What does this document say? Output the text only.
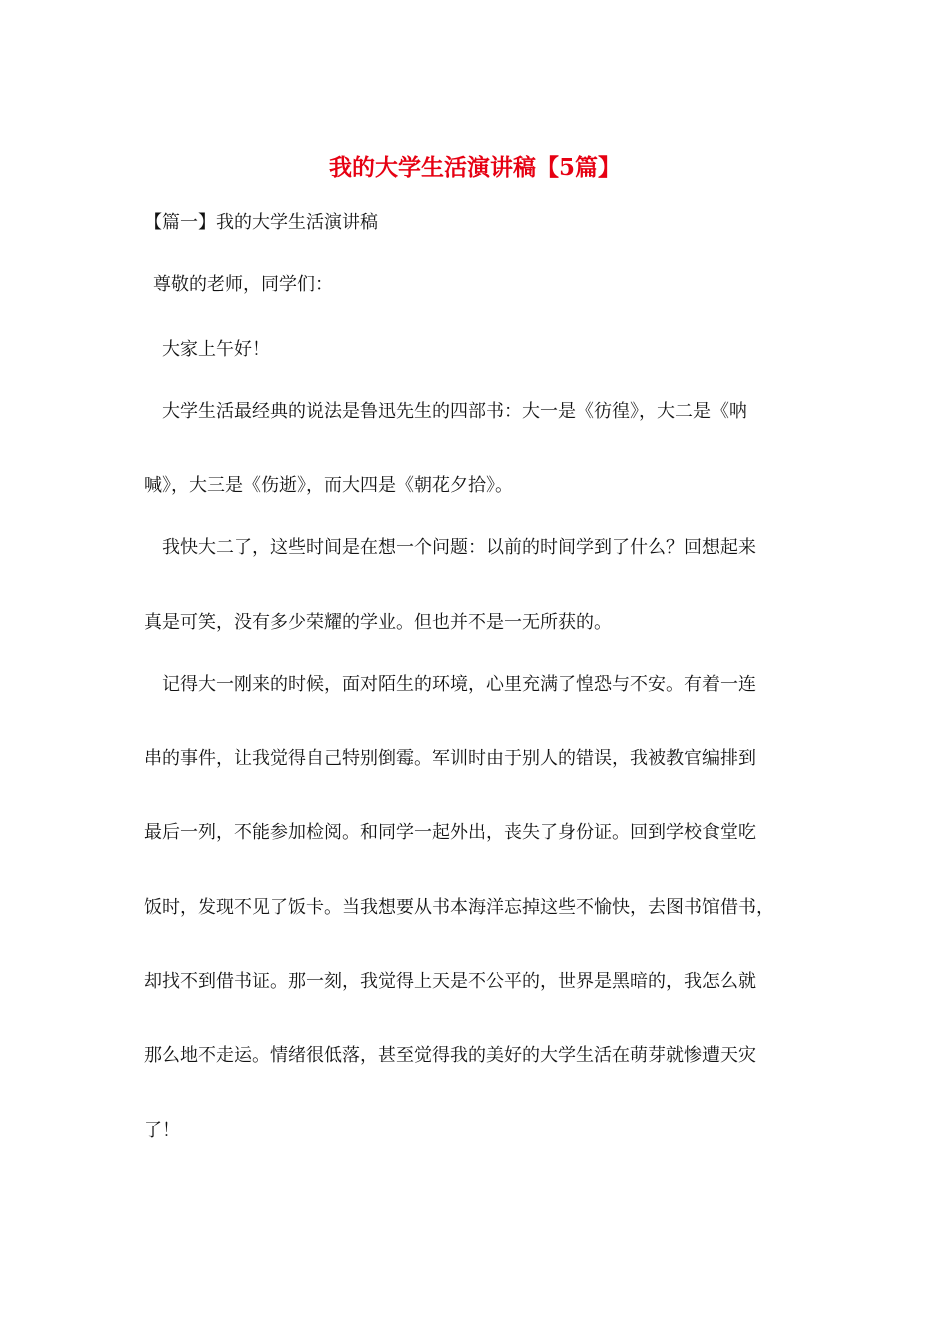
我的大学生活演讲稿【5篇】
【篇一】我的大学生活演讲稿
尊敬的老师，同学们：
大家上午好！
大学生活最经典的说法是鲁迅先生的四部书：大一是《彷徨》，大二是《呐
喊》，大三是《伤逝》，而大四是《朝花夕拾》。
我快大二了，这些时间是在想一个问题：以前的时间学到了什么？回想起来
真是可笑，没有多少荣耀的学业。但也并不是一无所获的。
记得大一刚来的时候，面对陌生的环境，心里充满了惶恐与不安。有着一连
串的事件，让我觉得自己特别倒霉。军训时由于别人的错误，我被教官编排到
最后一列，不能参加检阅。和同学一起外出，丧失了身份证。回到学校食堂吃
饭时，发现不见了饭卡。当我想要从书本海洋忘掉这些不愉快，去图书馆借书，
却找不到借书证。那一刻，我觉得上天是不公平的，世界是黑暗的，我怎么就
那么地不走运。情绪很低落，甚至觉得我的美好的大学生活在萌芽就惨遭天灾
了！
